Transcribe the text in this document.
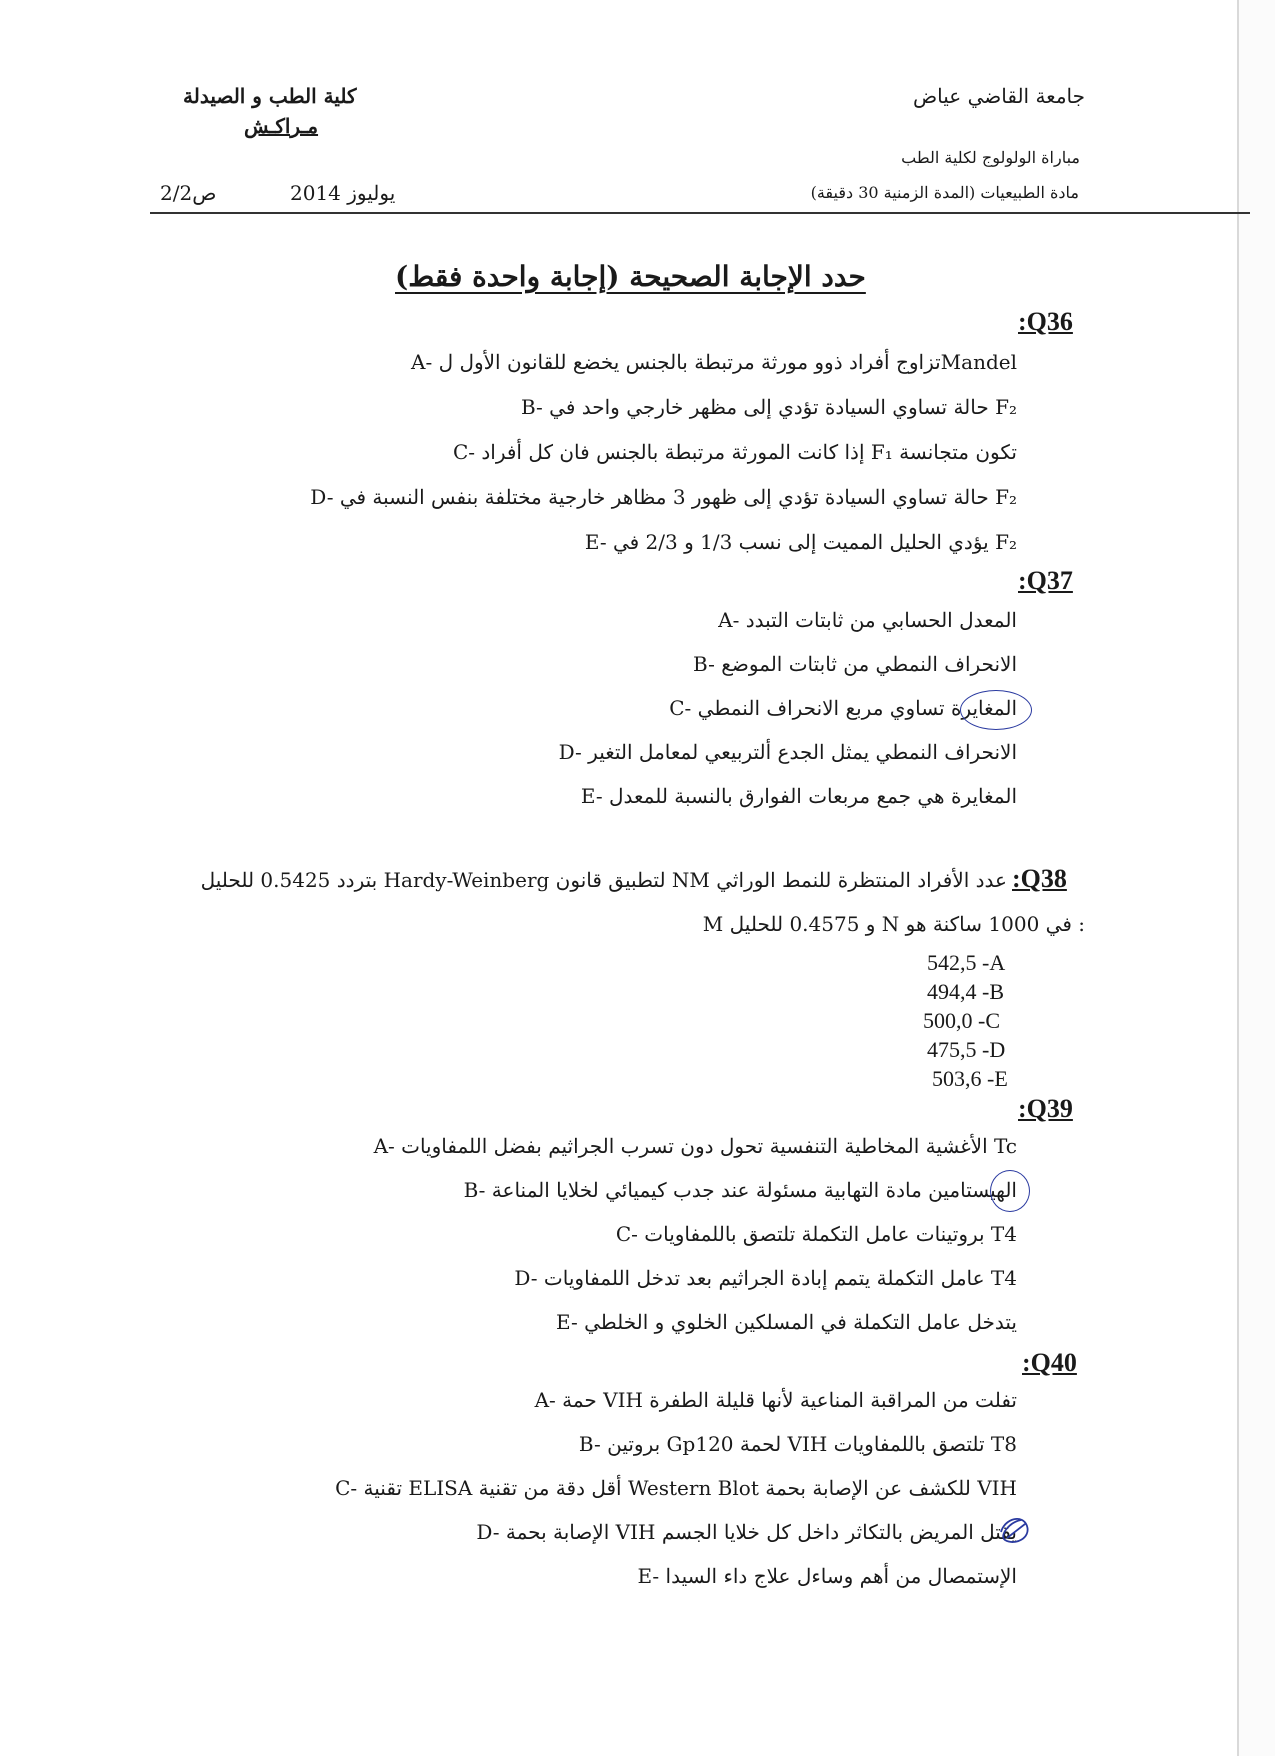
جامعة القاضي عياض
كلية الطب و الصيدلة
مـراكـش
مباراة الولولوج لكلية الطب
مادة الطبيعيات (المدة الزمنية 30 دقيقة)
يوليوز 2014
ص2/2
حدد الإجابة الصحيحة (إجابة واحدة فقط)
:Q36
A- تزاوج أفراد ذوو مورثة مرتبطة بالجنس يخضع للقانون الأول لMandel
B- حالة تساوي السيادة تؤدي إلى مظهر خارجي واحد في F₂
C- إذا كانت المورثة مرتبطة بالجنس فان كل أفراد F₁ تكون متجانسة
D- حالة تساوي السيادة تؤدي إلى ظهور 3 مظاهر خارجية مختلفة بنفس النسبة في F₂
E- يؤدي الحليل المميت إلى نسب 1/3 و 2/3 في F₂
:Q37
A- المعدل الحسابي من ثابتات التبدد
B- الانحراف النمطي من ثابتات الموضع
C- المغايرة تساوي مربع الانحراف النمطي
D- الانحراف النمطي يمثل الجدع ألتربيعي لمعامل التغير
E- المغايرة هي جمع مربعات الفوارق بالنسبة للمعدل
:Q38
عدد الأفراد المنتظرة للنمط الوراثي NM لتطبيق قانون Hardy-Weinberg بتردد 0.5425 للحليل
M و 0.4575 للحليل N في 1000 ساكنة هو :
542,5 -A
494,4 -B
500,0 -C
475,5 -D
503,6 -E
:Q39
A- الأغشية المخاطية التنفسية تحول دون تسرب الجراثيم بفضل اللمفاويات Tc
B- الهيستامين مادة التهابية مسئولة عند جدب كيميائي لخلايا المناعة
C- بروتينات عامل التكملة تلتصق باللمفاويات T4
D- عامل التكملة يتمم إبادة الجراثيم بعد تدخل اللمفاويات T4
E- يتدخل عامل التكملة في المسلكين الخلوي و الخلطي
:Q40
A- حمة VIH تفلت من المراقبة المناعية لأنها قليلة الطفرة
B- بروتين Gp120 لحمة VIH تلتصق باللمفاويات T8
C- تقنية ELISA أقل دقة من تقنية Western Blot للكشف عن الإصابة بحمة VIH
D- الإصابة بحمة VIH يقتل المريض بالتكاثر داخل كل خلايا الجسم
E- الإستمصال من أهم وساءل علاج داء السيدا
